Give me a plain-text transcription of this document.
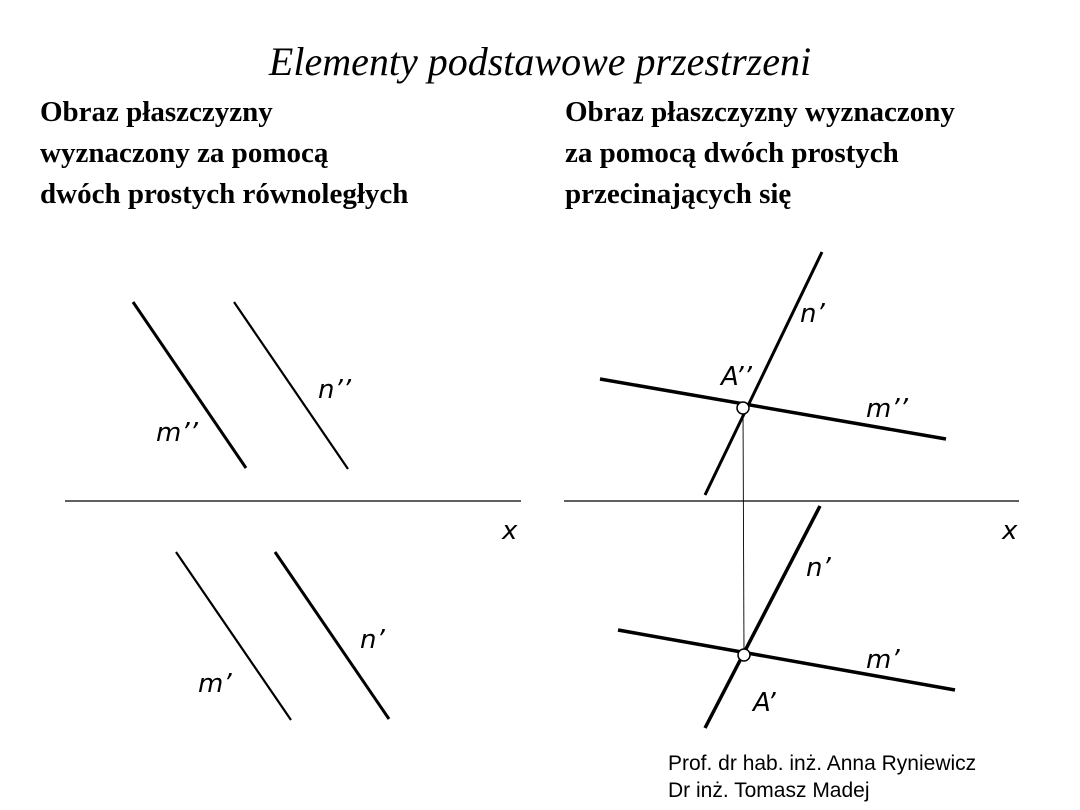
Elementy podstawowe przestrzeni
Obraz płaszczyzny
wyznaczony za pomocą
dwóch prostych równoległych
Obraz płaszczyzny wyznaczony
za pomocą dwóch prostych
przecinających się
m’’
n’’
x
m’
n’
n’
A’’
m’’
x
n’
m’
A’
Prof. dr hab. inż. Anna Ryniewicz
Dr inż. Tomasz Madej
